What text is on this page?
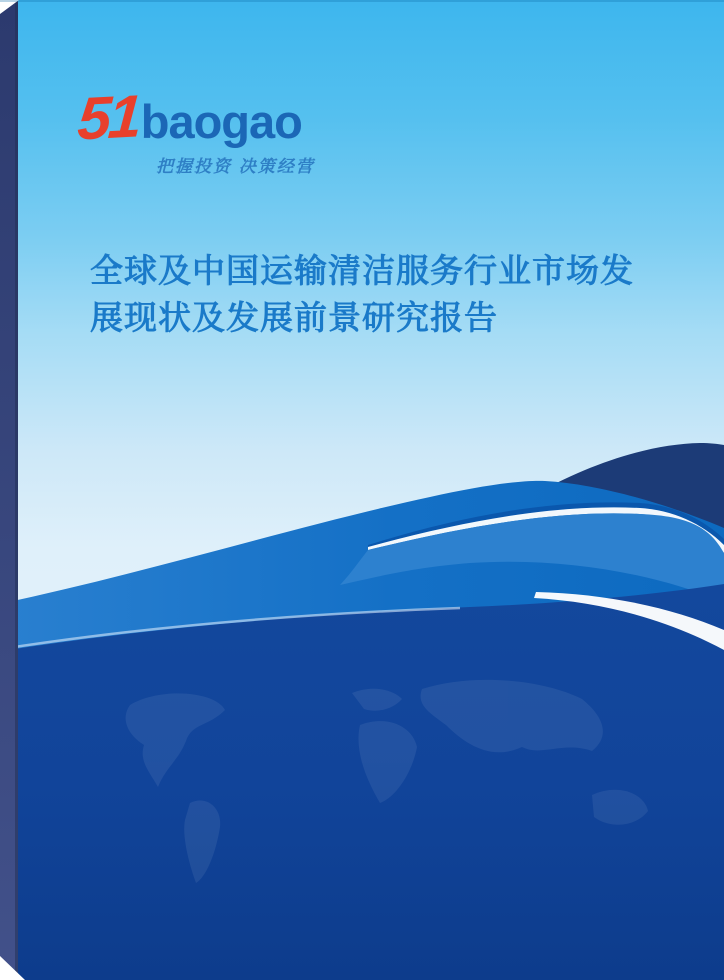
51 baogao
把握投资 决策经营
全球及中国运输清洁服务行业市场发展现状及发展前景研究报告
